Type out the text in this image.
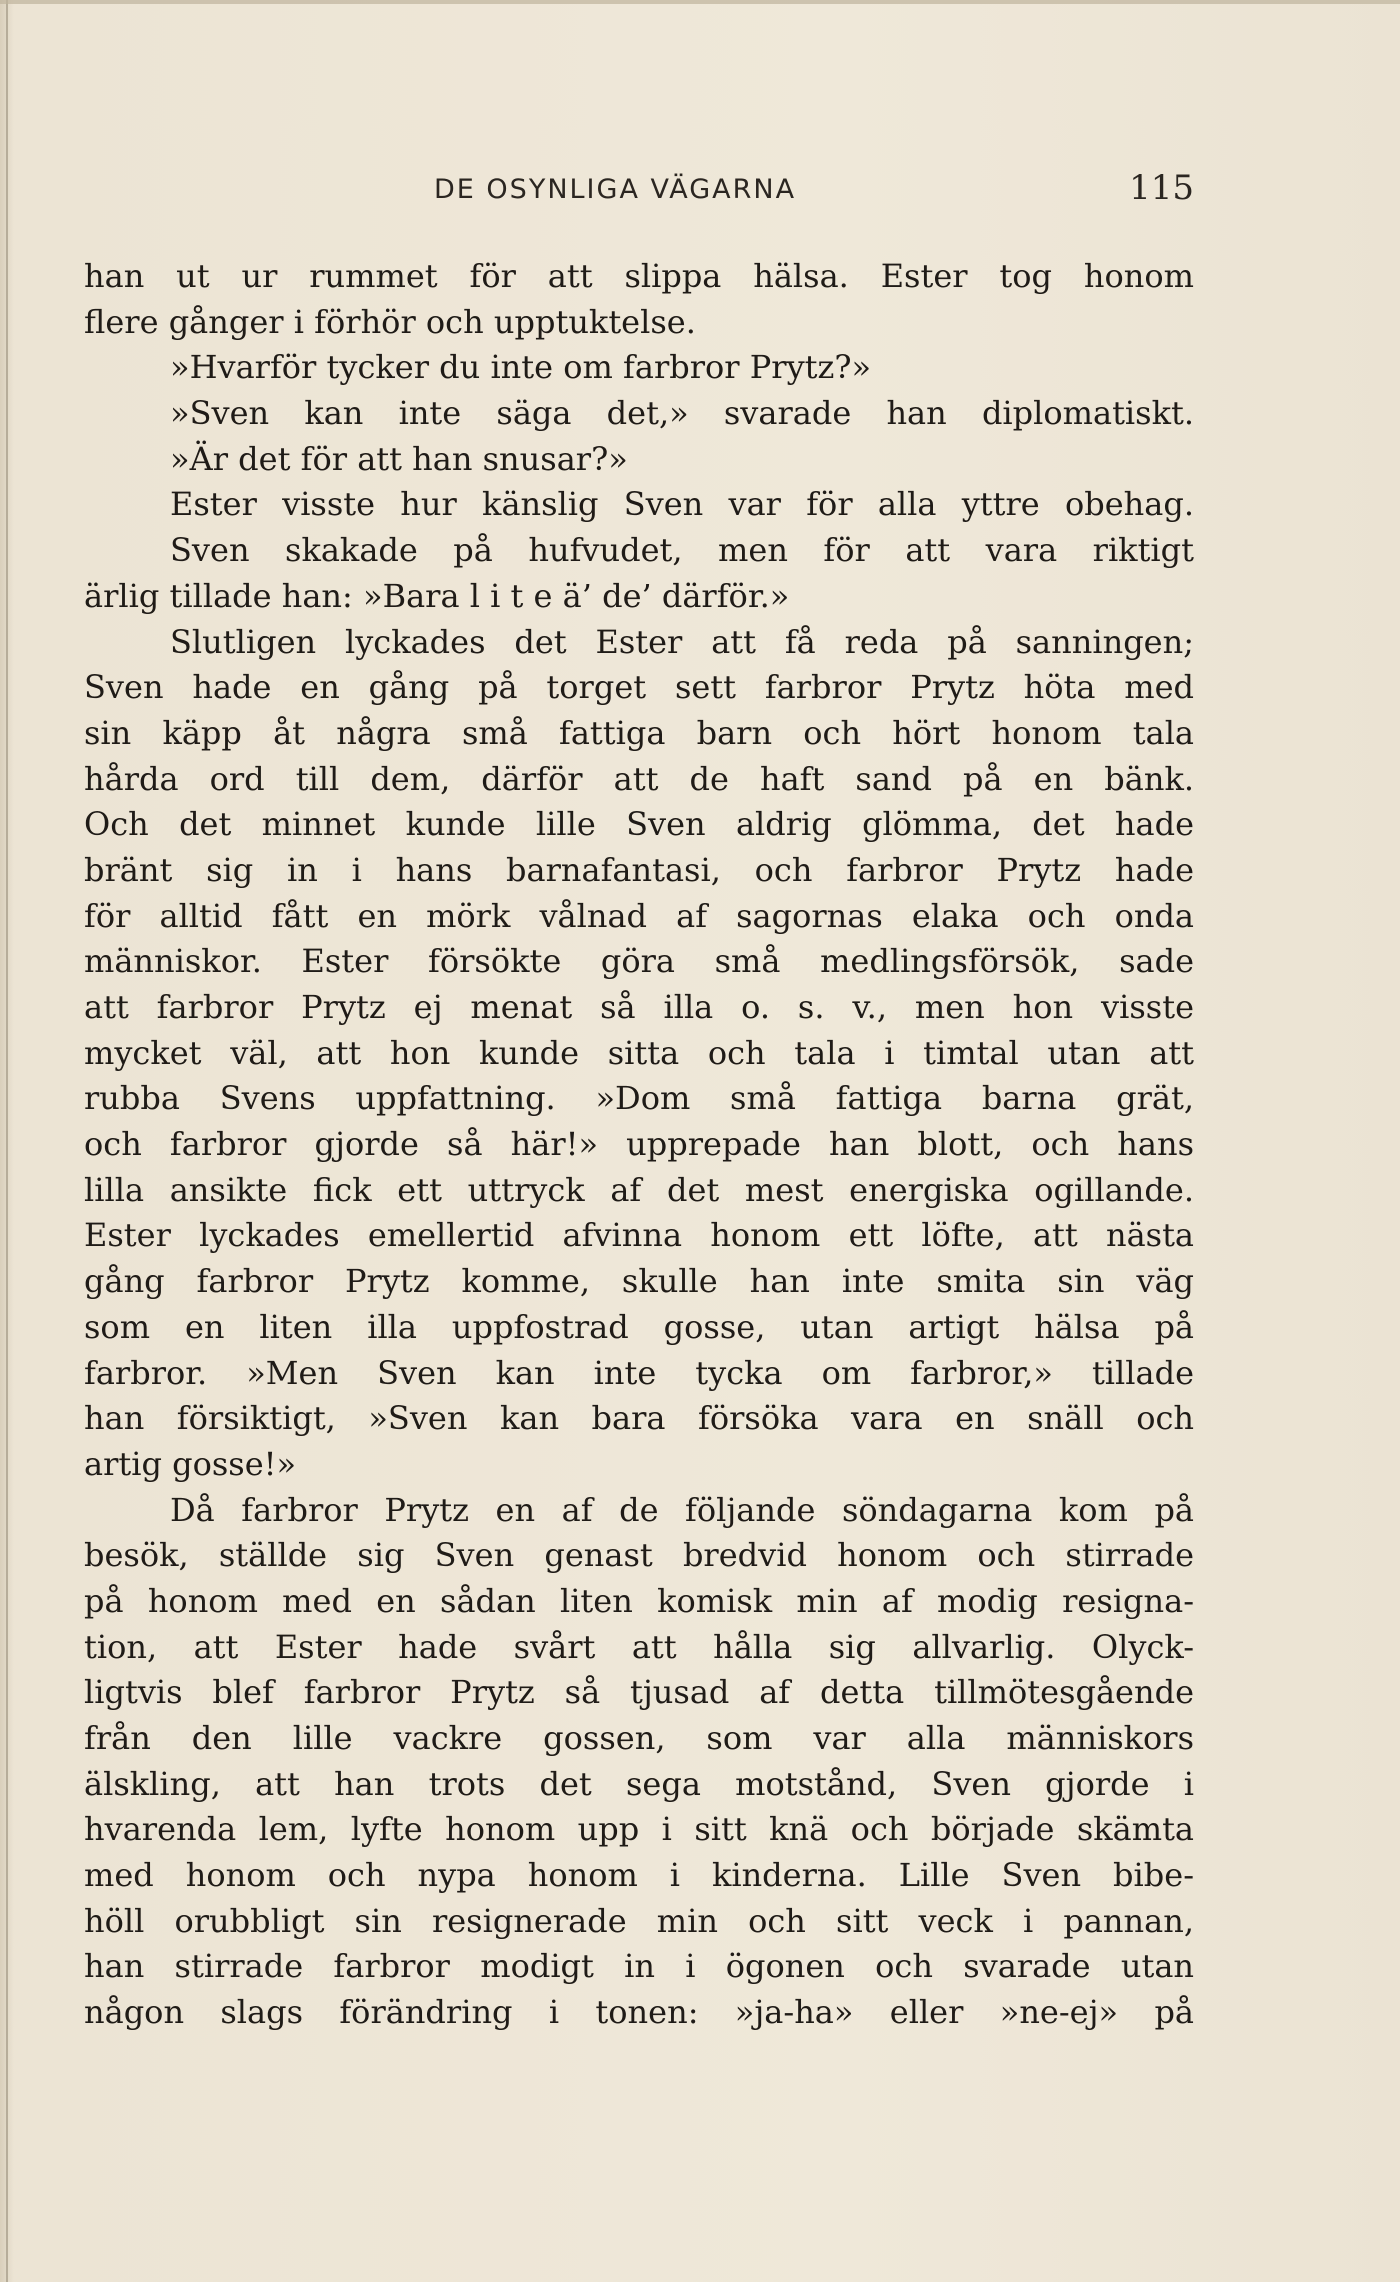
DE OSYNLIGA VÄGARNA	115
han ut ur rummet för att slippa hälsa. Ester tog honom
flere gånger i förhör och upptuktelse.
»Hvarför tycker du inte om farbror Prytz?»
»Sven kan inte säga det,» svarade han diplomatiskt.
»Är det för att han snusar?»
Ester visste hur känslig Sven var för alla yttre obehag.
Sven skakade på hufvudet, men för att vara riktigt
ärlig tillade han: »Bara l i t e ä’ de’ därför.»
Slutligen lyckades det Ester att få reda på sanningen;
Sven hade en gång på torget sett farbror Prytz höta med
sin käpp åt några små fattiga barn och hört honom tala
hårda ord till dem, därför att de haft sand på en bänk.
Och det minnet kunde lille Sven aldrig glömma, det hade
bränt sig in i hans barnafantasi, och farbror Prytz hade
för alltid fått en mörk vålnad af sagornas elaka och onda
människor. Ester försökte göra små medlingsförsök, sade
att farbror Prytz ej menat så illa o. s. v., men hon visste
mycket väl, att hon kunde sitta och tala i timtal utan att
rubba Svens uppfattning. »Dom små fattiga barna grät,
och farbror gjorde så här!» upprepade han blott, och hans
lilla ansikte fick ett uttryck af det mest energiska ogillande.
Ester lyckades emellertid afvinna honom ett löfte, att nästa
gång farbror Prytz komme, skulle han inte smita sin väg
som en liten illa uppfostrad gosse, utan artigt hälsa på
farbror. »Men Sven kan inte tycka om farbror,» tillade
han försiktigt, »Sven kan bara försöka vara en snäll och
artig gosse!»
Då farbror Prytz en af de följande söndagarna kom på
besök, ställde sig Sven genast bredvid honom och stirrade
på honom med en sådan liten komisk min af modig resigna-
tion, att Ester hade svårt att hålla sig allvarlig. Olyck-
ligtvis blef farbror Prytz så tjusad af detta tillmötesgående
från den lille vackre gossen, som var alla människors
älskling, att han trots det sega motstånd, Sven gjorde i
hvarenda lem, lyfte honom upp i sitt knä och började skämta
med honom och nypa honom i kinderna. Lille Sven bibe-
höll orubbligt sin resignerade min och sitt veck i pannan,
han stirrade farbror modigt in i ögonen och svarade utan
någon slags förändring i tonen: »ja-ha» eller »ne-ej» på
